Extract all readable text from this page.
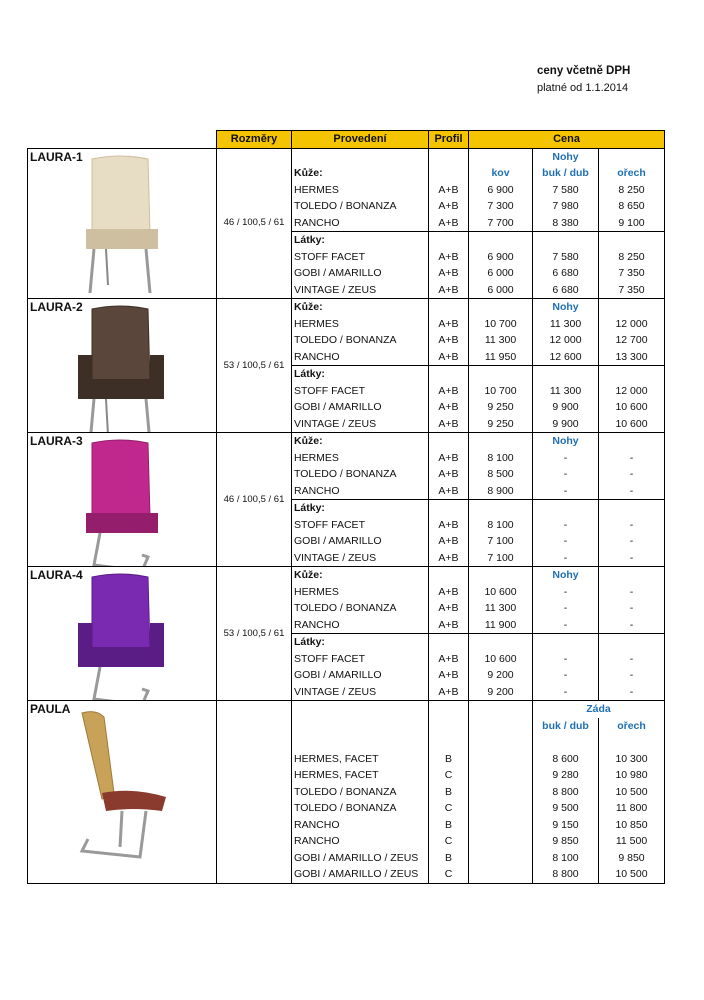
ceny včetně DPH
platné od 1.1.2014
	Rozměry	Provedení	Profil	Cena		

LAURA-1	46 / 100,5 / 61				Nohy	
		Kůže:		kov	buk / dub	ořech
		HERMES	A+B	6 900	7 580	8 250
		TOLEDO / BONANZA	A+B	7 300	7 980	8 650
		RANCHO	A+B	7 700	8 380	9 100
		Látky:				
		STOFF FACET	A+B	6 900	7 580	8 250
		GOBI / AMARILLO	A+B	6 000	6 680	7 350
		VINTAGE / ZEUS	A+B	6 000	6 680	7 350

LAURA-2	53 / 100,5 / 61	Kůže:			Nohy	
		HERMES	A+B	10 700	11 300	12 000
		TOLEDO / BONANZA	A+B	11 300	12 000	12 700
		RANCHO	A+B	11 950	12 600	13 300
		Látky:				
		STOFF FACET	A+B	10 700	11 300	12 000
		GOBI / AMARILLO	A+B	9 250	9 900	10 600
		VINTAGE / ZEUS	A+B	9 250	9 900	10 600

LAURA-3	46 / 100,5 / 61	Kůže:			Nohy	
		HERMES	A+B	8 100	-	-
		TOLEDO / BONANZA	A+B	8 500	-	-
		RANCHO	A+B	8 900	-	-
		Látky:				
		STOFF FACET	A+B	8 100	-	-
		GOBI / AMARILLO	A+B	7 100	-	-
		VINTAGE / ZEUS	A+B	7 100	-	-

LAURA-4	53 / 100,5 / 61	Kůže:			Nohy	
		HERMES	A+B	10 600	-	-
		TOLEDO / BONANZA	A+B	11 300	-	-
		RANCHO	A+B	11 900	-	-
		Látky:				
		STOFF FACET	A+B	10 600	-	-
		GOBI / AMARILLO	A+B	9 200	-	-
		VINTAGE / ZEUS	A+B	9 200	-	-

PAULA					Záda	
					buk / dub	ořech

		HERMES, FACET	B		8 600	10 300
		HERMES, FACET	C		9 280	10 980
		TOLEDO / BONANZA	B		8 800	10 500
		TOLEDO / BONANZA	C		9 500	11 800
		RANCHO	B		9 150	10 850
		RANCHO	C		9 850	11 500
		GOBI / AMARILLO / ZEUS	B		8 100	9 850
		GOBI / AMARILLO / ZEUS	C		8 800	10 500
